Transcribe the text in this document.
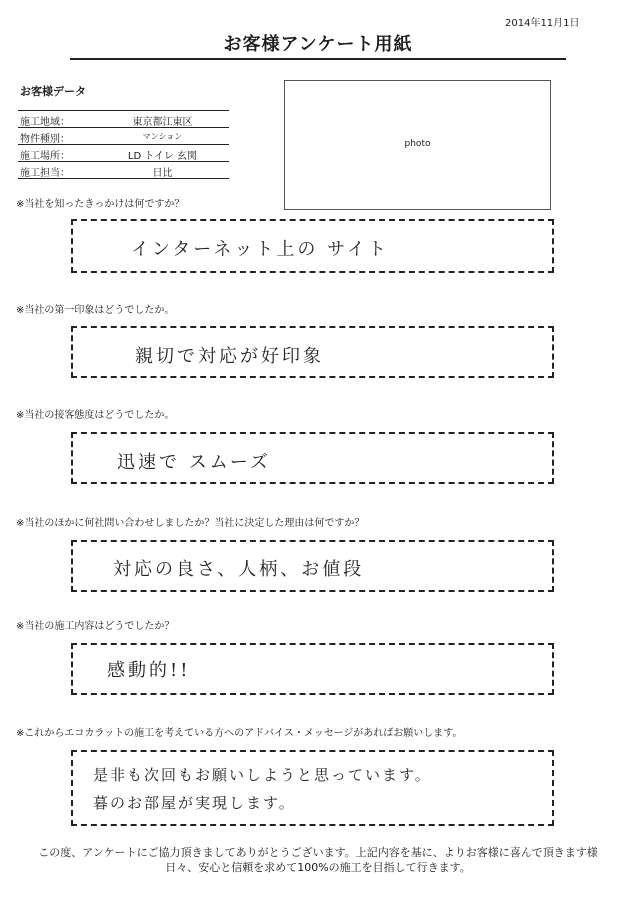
2014年11月1日
お客様アンケート用紙
お客様データ
施工地域：	東京都江東区
物件種別：	マンション
施工場所：	LD トイレ 玄関
施工担当：	日比
photo
※当社を知ったきっかけは何ですか？
インターネット上の サイト
※当社の第一印象はどうでしたか。
親切で対応が好印象
※当社の接客態度はどうでしたか。
迅速で スムーズ
※当社のほかに何社問い合わせしましたか？当社に決定した理由は何ですか？
対応の良さ、人柄、お値段
※当社の施工内容はどうでしたか？
感動的!!
※これからエコカラットの施工を考えている方へのアドバイス・メッセージがあればお願いします。
是非も次回もお願いしようと思っています。
暮のお部屋が実現します。
この度、アンケートにご協力頂きましてありがとうございます。上記内容を基に、よりお客様に喜んで頂きます様
日々、安心と信頼を求めて100%の施工を目指して行きます。
